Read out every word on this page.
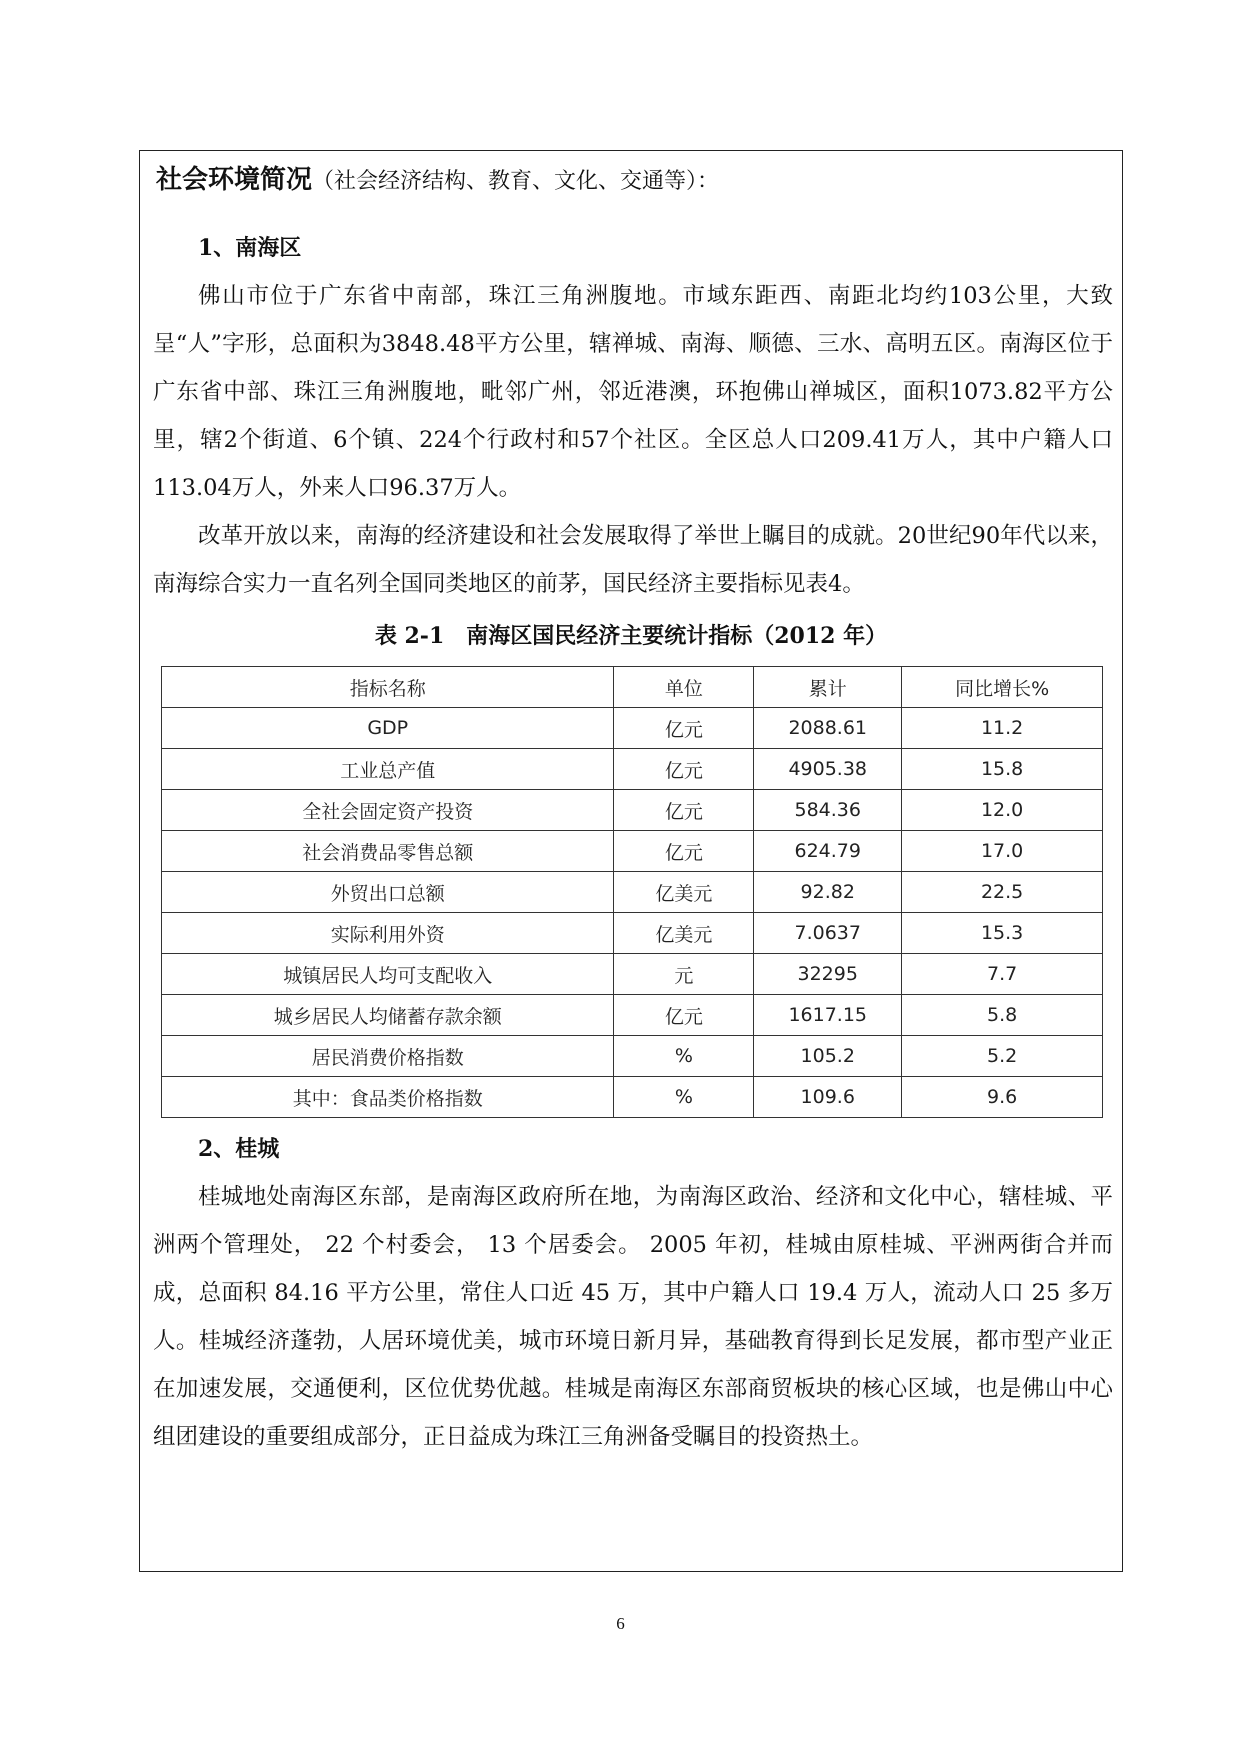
社会环境简况（社会经济结构、教育、文化、交通等）：
1、南海区

佛山市位于广东省中南部，珠江三角洲腹地。市域东距西、南距北均约103公里，大致呈“人”字形，总面积为3848.48平方公里，辖禅城、南海、顺德、三水、高明五区。南海区位于广东省中部、珠江三角洲腹地，毗邻广州，邻近港澳，环抱佛山禅城区，面积1073.82平方公里，辖2个街道、6个镇、224个行政村和57个社区。全区总人口209.41万人，其中户籍人口113.04万人，外来人口96.37万人。

改革开放以来，南海的经济建设和社会发展取得了举世上瞩目的成就。20世纪90年代以来，南海综合实力一直名列全国同类地区的前茅，国民经济主要指标见表4。

表 2-1　南海区国民经济主要统计指标（2012 年）
指标名称	单位	累计	同比增长%
GDP	亿元	2088.61	11.2
工业总产值	亿元	4905.38	15.8
全社会固定资产投资	亿元	584.36	12.0
社会消费品零售总额	亿元	624.79	17.0
外贸出口总额	亿美元	92.82	22.5
实际利用外资	亿美元	7.0637	15.3
城镇居民人均可支配收入	元	32295	7.7
城乡居民人均储蓄存款余额	亿元	1617.15	5.8
居民消费价格指数	%	105.2	5.2
其中：食品类价格指数	%	109.6	9.6
2、桂城

桂城地处南海区东部，是南海区政府所在地，为南海区政治、经济和文化中心，辖桂城、平洲两个管理处， 22 个村委会， 13 个居委会。 2005 年初，桂城由原桂城、平洲两街合并而成，总面积 84.16 平方公里，常住人口近 45 万，其中户籍人口 19.4 万人，流动人口 25 多万人。桂城经济蓬勃，人居环境优美，城市环境日新月异，基础教育得到长足发展，都市型产业正在加速发展，交通便利，区位优势优越。桂城是南海区东部商贸板块的核心区域，也是佛山中心组团建设的重要组成部分，正日益成为珠江三角洲备受瞩目的投资热土。

6
